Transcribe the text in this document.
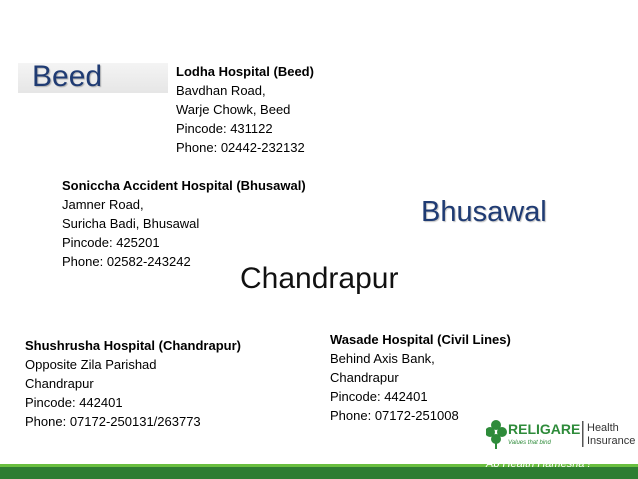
Beed
Bhusawal
Chandrapur
Lodha Hospital (Beed)
Bavdhan Road,
Warje Chowk, Beed
Pincode: 431122
Phone: 02442-232132
Soniccha Accident Hospital (Bhusawal)
Jamner Road,
Suricha Badi, Bhusawal
Pincode: 425201
Phone: 02582-243242
Shushrusha Hospital (Chandrapur)
Opposite Zila Parishad
Chandrapur
Pincode: 442401
Phone: 07172-250131/263773
Wasade Hospital (Civil Lines)
Behind Axis Bank,
Chandrapur
Pincode: 442401
Phone: 07172-251008
RELIGARE
Values that bind
Health
Insurance
Ab Health Hamesha !
